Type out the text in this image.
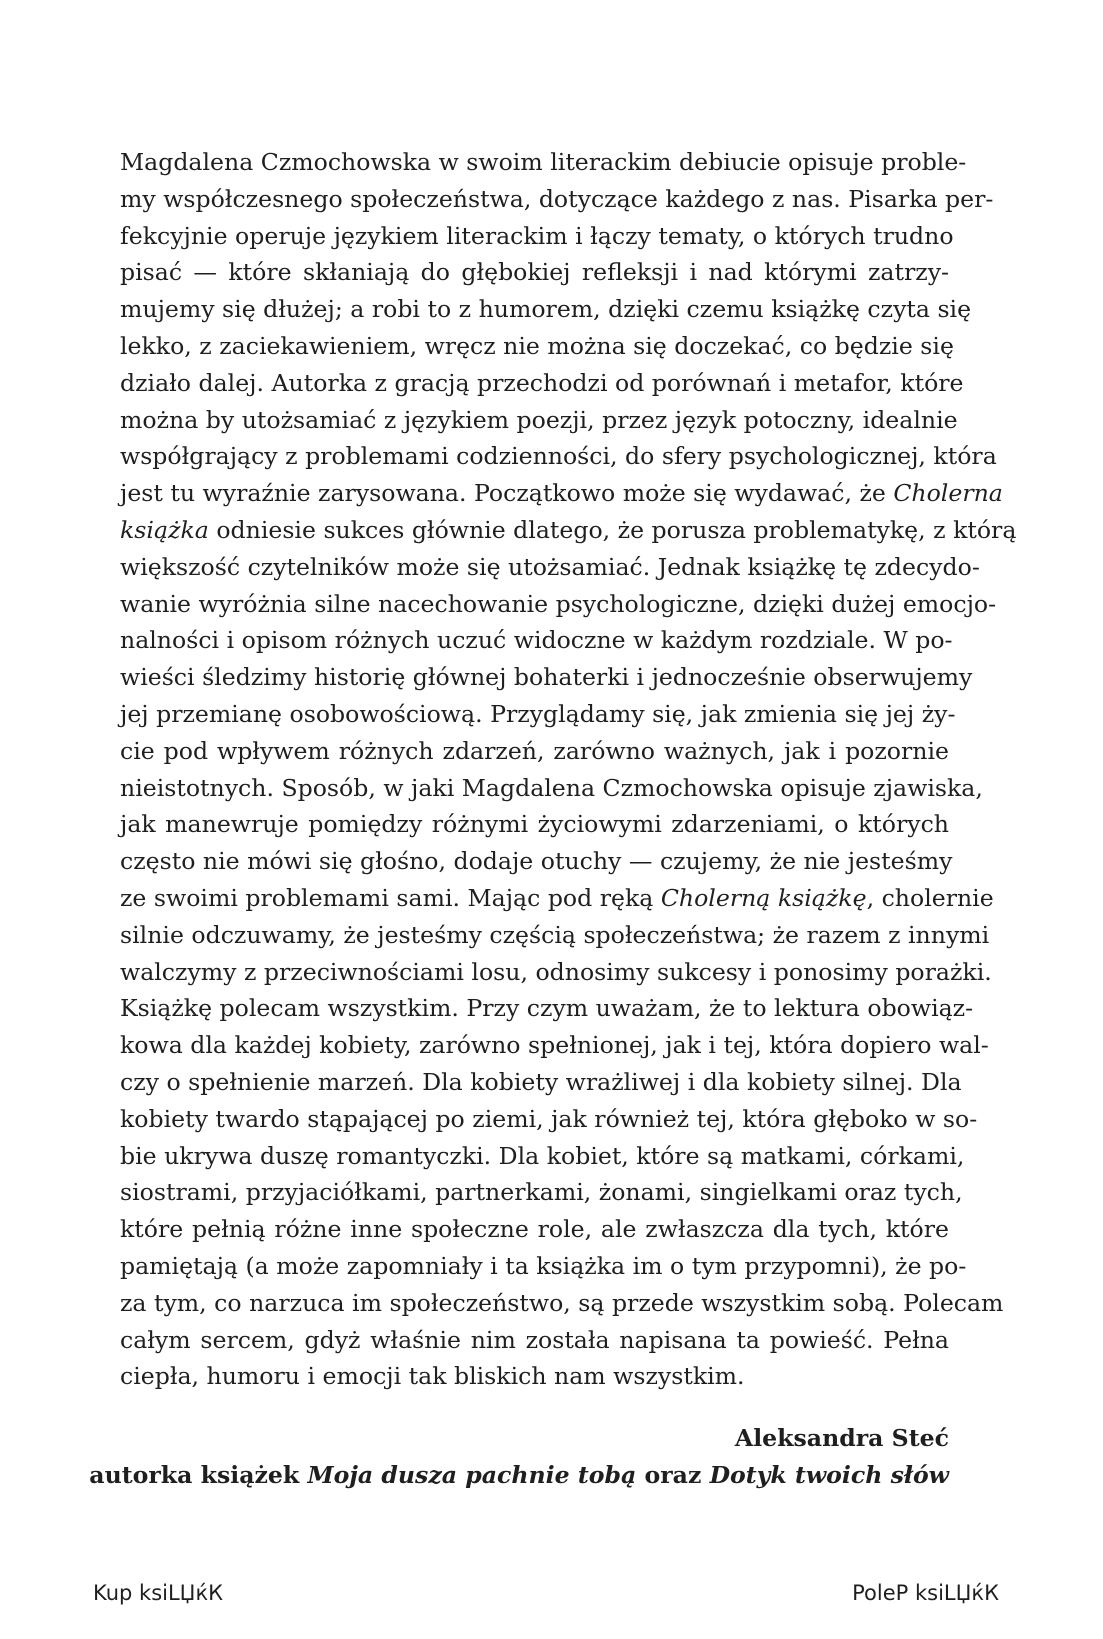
Magdalena Czmochowska w swoim literackim debiucie opisuje proble-
my współczesnego społeczeństwa, dotyczące każdego z nas. Pisarka per-
fekcyjnie operuje językiem literackim i łączy tematy, o których trudno
pisać — które skłaniają do głębokiej refleksji i nad którymi zatrzy-
mujemy się dłużej; a robi to z humorem, dzięki czemu książkę czyta się
lekko, z zaciekawieniem, wręcz nie można się doczekać, co będzie się
działo dalej. Autorka z gracją przechodzi od porównań i metafor, które
można by utożsamiać z językiem poezji, przez język potoczny, idealnie
współgrający z problemami codzienności, do sfery psychologicznej, która
jest tu wyraźnie zarysowana. Początkowo może się wydawać, że Cholerna
książka odniesie sukces głównie dlatego, że porusza problematykę, z którą
większość czytelników może się utożsamiać. Jednak książkę tę zdecydo-
wanie wyróżnia silne nacechowanie psychologiczne, dzięki dużej emocjo-
nalności i opisom różnych uczuć widoczne w każdym rozdziale. W po-
wieści śledzimy historię głównej bohaterki i jednocześnie obserwujemy
jej przemianę osobowościową. Przyglądamy się, jak zmienia się jej ży-
cie pod wpływem różnych zdarzeń, zarówno ważnych, jak i pozornie
nieistotnych. Sposób, w jaki Magdalena Czmochowska opisuje zjawiska,
jak manewruje pomiędzy różnymi życiowymi zdarzeniami, o których
często nie mówi się głośno, dodaje otuchy — czujemy, że nie jesteśmy
ze swoimi problemami sami. Mając pod ręką Cholerną książkę, cholernie
silnie odczuwamy, że jesteśmy częścią społeczeństwa; że razem z innymi
walczymy z przeciwnościami losu, odnosimy sukcesy i ponosimy porażki.
Książkę polecam wszystkim. Przy czym uważam, że to lektura obowiąz-
kowa dla każdej kobiety, zarówno spełnionej, jak i tej, która dopiero wal-
czy o spełnienie marzeń. Dla kobiety wrażliwej i dla kobiety silnej. Dla
kobiety twardo stąpającej po ziemi, jak również tej, która głęboko w so-
bie ukrywa duszę romantyczki. Dla kobiet, które są matkami, córkami,
siostrami, przyjaciółkami, partnerkami, żonami, singielkami oraz tych,
które pełnią różne inne społeczne role, ale zwłaszcza dla tych, które
pamiętają (a może zapomniały i ta książka im o tym przypomni), że po-
za tym, co narzuca im społeczeństwo, są przede wszystkim sobą. Polecam
całym sercem, gdyż właśnie nim została napisana ta powieść. Pełna
ciepła, humoru i emocji tak bliskich nam wszystkim.
Aleksandra Steć
autorka książek Moja dusza pachnie tobą oraz Dotyk twoich słów
Kup ksiLЏќК	PoleP ksiLЏќК
